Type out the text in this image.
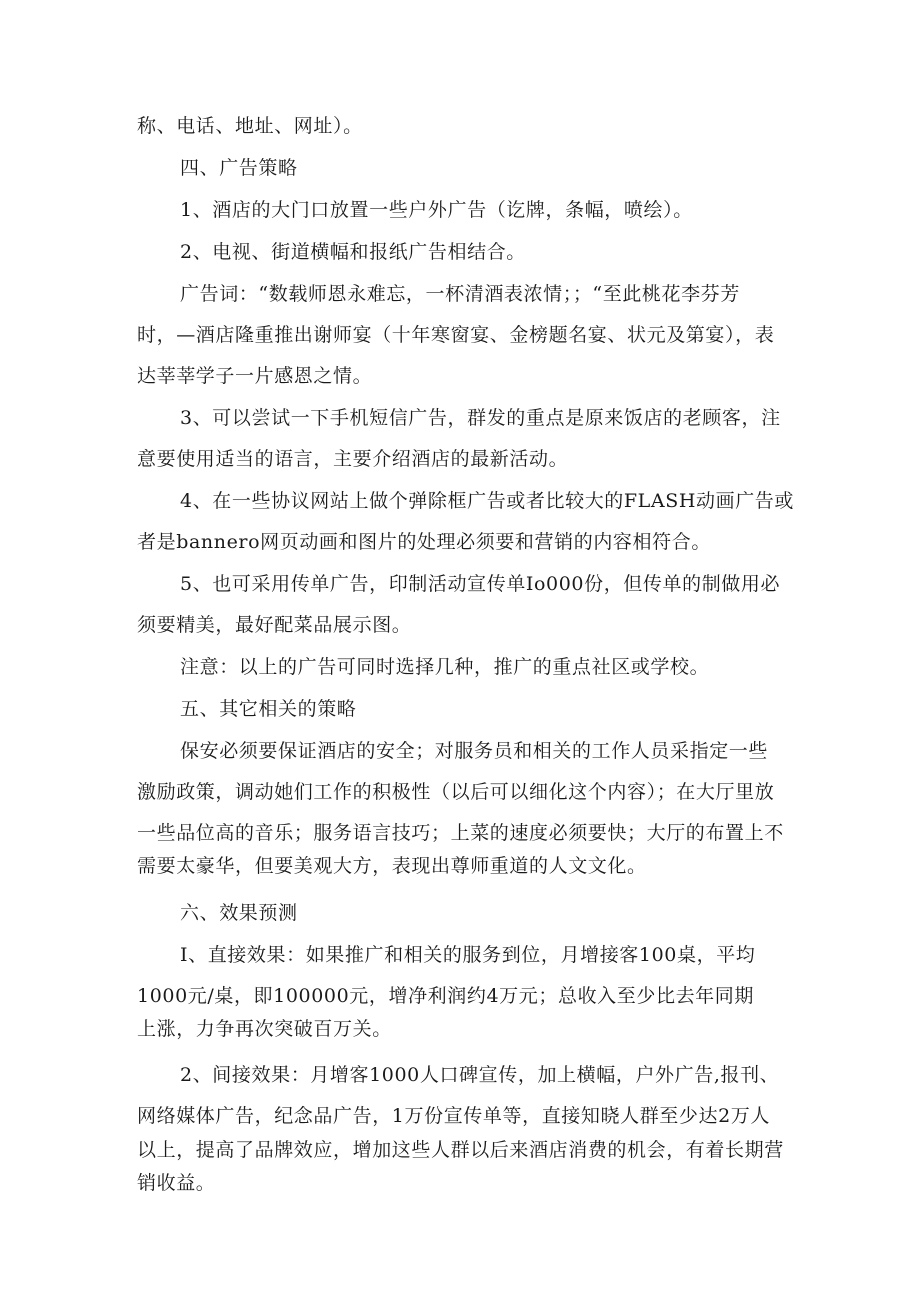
称、电话、地址、网址）。

四、广告策略

1、酒店的大门口放置一些户外广告（讫牌，条幅，喷绘）。

2、电视、街道横幅和报纸广告相结合。

广告词：“数载师恩永难忘，一杯清酒表浓情；；“至此桃花李芬芳

时，—酒店隆重推出谢师宴（十年寒窗宴、金榜题名宴、状元及第宴），表

达莘莘学子一片感恩之情。

3、可以尝试一下手机短信广告，群发的重点是原来饭店的老顾客，注

意要使用适当的语言，主要介绍酒店的最新活动。

4、在一些协议网站上做个弹除框广告或者比较大的FLASH动画广告或

者是bannero网页动画和图片的处理必须要和营销的内容相符合。

5、也可采用传单广告，印制活动宣传单Io000份，但传单的制做用必

须要精美，最好配菜品展示图。

注意：以上的广告可同时选择几种，推广的重点社区或学校。

五、其它相关的策略

保安必须要保证酒店的安全；对服务员和相关的工作人员采指定一些

激励政策，调动她们工作的积极性（以后可以细化这个内容）；在大厅里放

一些品位高的音乐；服务语言技巧；上菜的速度必须要快；大厅的布置上不

需要太豪华，但要美观大方，表现出尊师重道的人文文化。

六、效果预测

I、直接效果：如果推广和相关的服务到位，月增接客100桌，平均

1000元/桌，即100000元，增净利润约4万元；总收入至少比去年同期

上涨，力争再次突破百万关。

2、间接效果：月增客1000人口碑宣传，加上横幅，户外广告,报刊、

网络媒体广告，纪念品广告，1万份宣传单等，直接知晓人群至少达2万人

以上，提高了品牌效应，增加这些人群以后来酒店消费的机会，有着长期营

销收益。
